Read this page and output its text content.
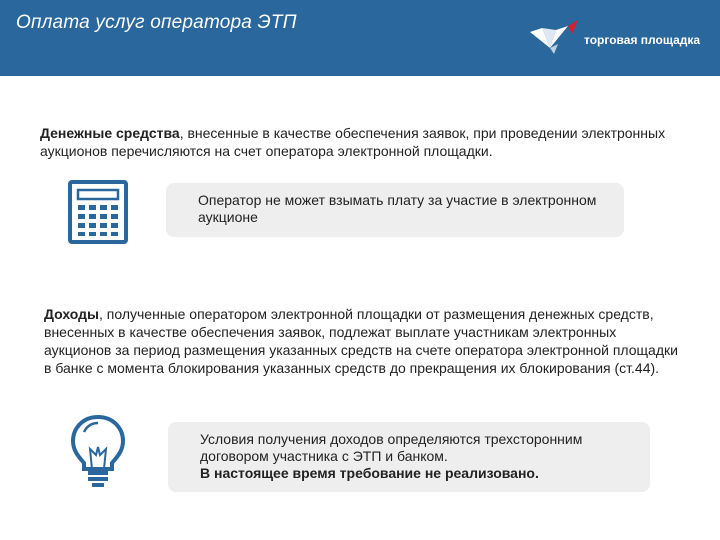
Оплата услуг оператора ЭТП
торговая площадка
Денежные средства, внесенные в качестве обеспечения заявок, при проведении электронных аукционов перечисляются на счет оператора электронной площадки.
Оператор не может взымать плату за участие в электронном аукционе
Доходы, полученные оператором электронной площадки от размещения денежных средств, внесенных в качестве обеспечения заявок, подлежат выплате участникам электронных аукционов за период размещения указанных средств на счете оператора электронной площадки в банке с момента блокирования указанных средств до прекращения их блокирования (ст.44).
Условия получения доходов определяются трехсторонним договором участника с ЭТП и банком.
В настоящее время требование не реализовано.
